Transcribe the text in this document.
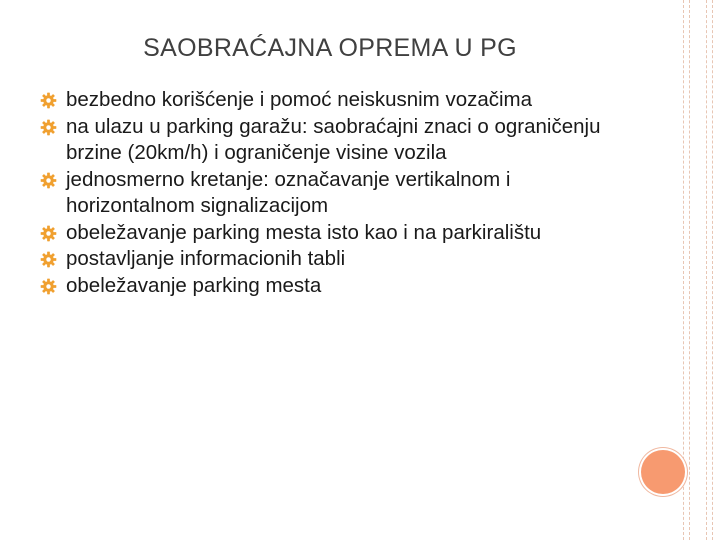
SAOBRAĆAJNA OPREMA U PG
bezbedno korišćenje i pomoć neiskusnim vozačima
na ulazu u parking garažu: saobraćajni znaci o ograničenju brzine (20km/h) i ograničenje visine vozila
jednosmerno kretanje: označavanje vertikalnom i horizontalnom signalizacijom
obeležavanje parking mesta isto kao i na parkiralištu
postavljanje informacionih tabli
obeležavanje parking mesta
